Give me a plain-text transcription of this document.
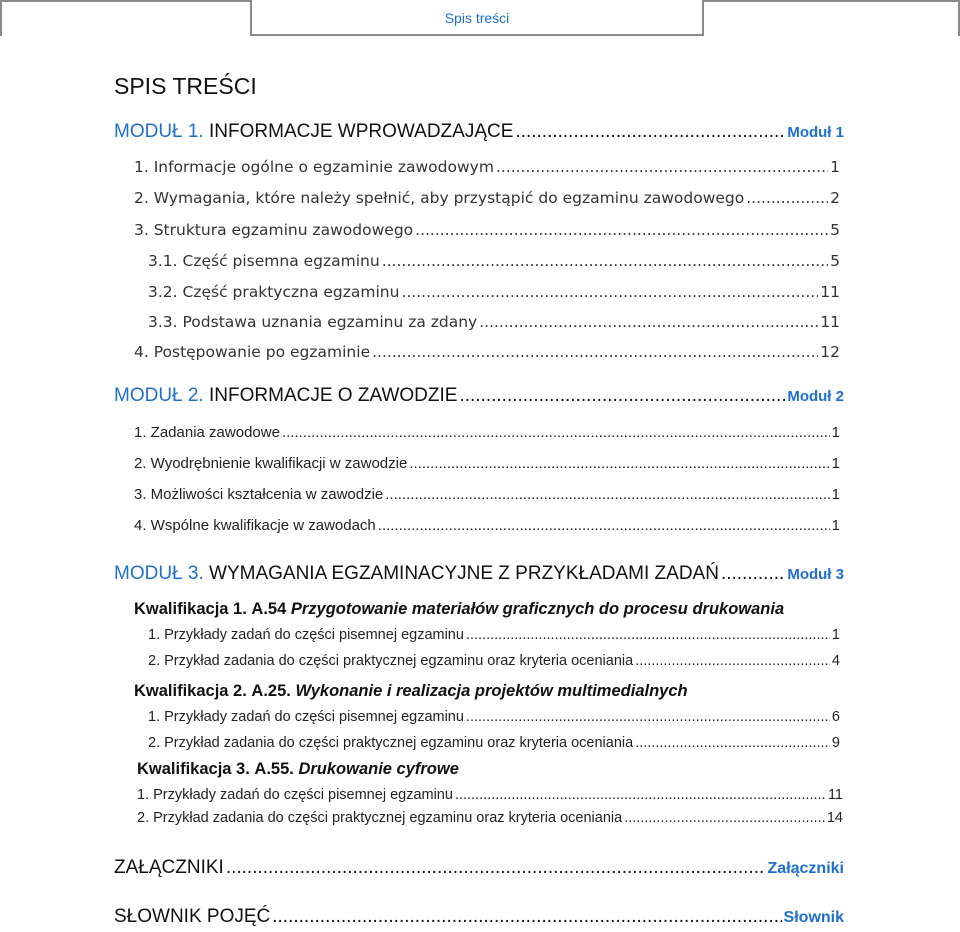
Spis treści
SPIS TREŚCI
MODUŁ 1. INFORMACJE WPROWADZAJĄCE .....	Moduł 1
1. Informacje ogólne o egzaminie zawodowym .....	1
2. Wymagania, które należy spełnić, aby przystąpić do egzaminu zawodowego .....	2
3. Struktura egzaminu zawodowego .....	5
3.1. Część pisemna egzaminu .....	5
3.2. Część praktyczna egzaminu .....	11
3.3. Podstawa uznania egzaminu za zdany .....	11
4. Postępowanie po egzaminie .....	12
MODUŁ 2. INFORMACJE O ZAWODZIE .....	Moduł 2
1. Zadania zawodowe .....	1
2. Wyodrębnienie kwalifikacji w zawodzie .....	1
3. Możliwości kształcenia w zawodzie .....	1
4. Wspólne kwalifikacje w zawodach .....	1
MODUŁ 3. WYMAGANIA EGZAMINACYJNE Z PRZYKŁADAMI ZADAŃ .....	Moduł 3
Kwalifikacja 1. A.54 Przygotowanie materiałów graficznych do procesu drukowania
1. Przykłady zadań do części pisemnej egzaminu .....	1
2. Przykład zadania do części praktycznej egzaminu oraz kryteria oceniania .....	4
Kwalifikacja 2. A.25. Wykonanie i realizacja projektów multimedialnych
1. Przykłady zadań do części pisemnej egzaminu .....	6
2. Przykład zadania do części praktycznej egzaminu oraz kryteria oceniania .....	9
Kwalifikacja 3. A.55. Drukowanie cyfrowe
1. Przykłady zadań do części pisemnej egzaminu .....	11
2. Przykład zadania do części praktycznej egzaminu oraz kryteria oceniania .....	14
ZAŁĄCZNIKI .....	Załączniki
SŁOWNIK POJĘĆ .....	Słownik
